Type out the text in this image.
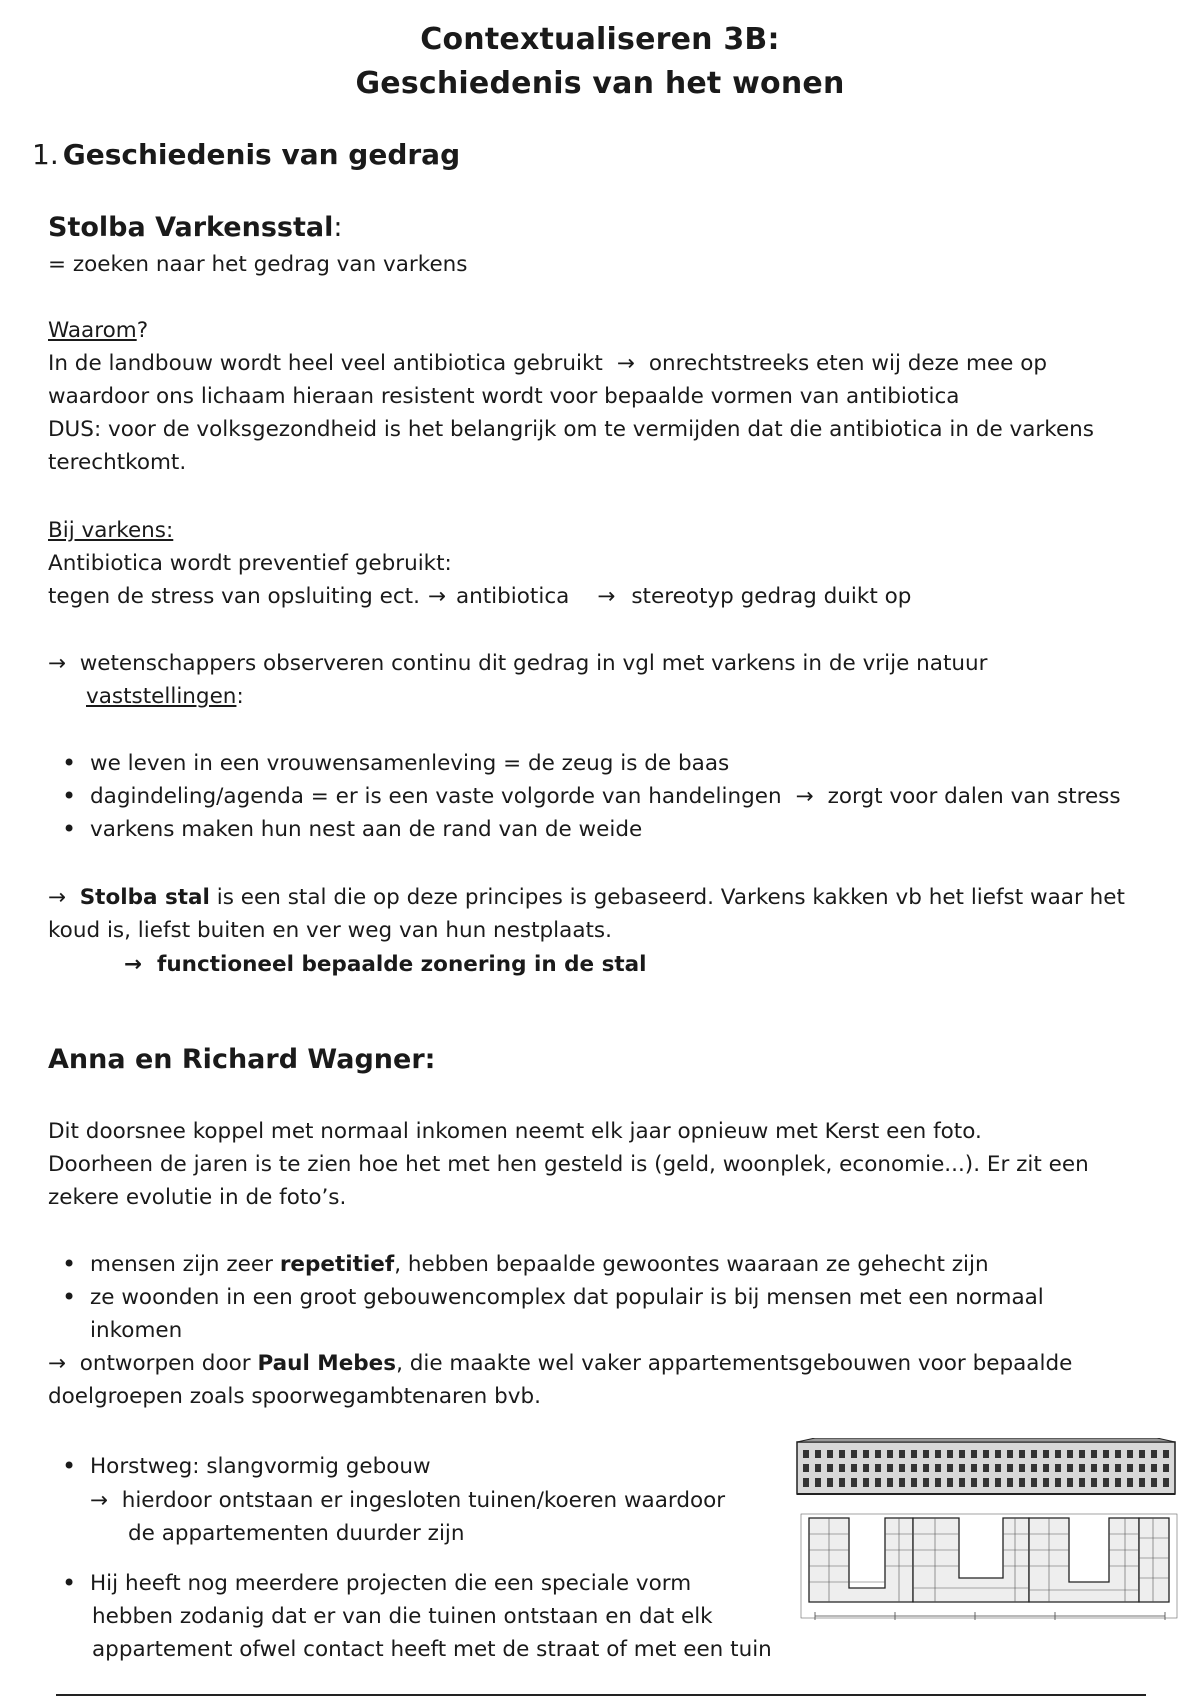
Contextualiseren 3B:
Geschiedenis van het wonen
1. Geschiedenis van gedrag
Stolba Varkensstal:
= zoeken naar het gedrag van varkens
Waarom?
In de landbouw wordt heel veel antibiotica gebruikt → onrechtstreeks eten wij deze mee op
waardoor ons lichaam hieraan resistent wordt voor bepaalde vormen van antibiotica
DUS: voor de volksgezondheid is het belangrijk om te vermijden dat die antibiotica in de varkens
terechtkomt.
Bij varkens:
Antibiotica wordt preventief gebruikt:
tegen de stress van opsluiting ect. → antibiotica → stereotyp gedrag duikt op
→ wetenschappers observeren continu dit gedrag in vgl met varkens in de vrije natuur
vaststellingen:
• we leven in een vrouwensamenleving = de zeug is de baas
• dagindeling/agenda = er is een vaste volgorde van handelingen → zorgt voor dalen van stress
• varkens maken hun nest aan de rand van de weide
→ Stolba stal is een stal die op deze principes is gebaseerd. Varkens kakken vb het liefst waar het
koud is, liefst buiten en ver weg van hun nestplaats.
→ functioneel bepaalde zonering in de stal
Anna en Richard Wagner:
Dit doorsnee koppel met normaal inkomen neemt elk jaar opnieuw met Kerst een foto.
Doorheen de jaren is te zien hoe het met hen gesteld is (geld, woonplek, economie...). Er zit een
zekere evolutie in de foto’s.
• mensen zijn zeer repetitief, hebben bepaalde gewoontes waaraan ze gehecht zijn
• ze woonden in een groot gebouwencomplex dat populair is bij mensen met een normaal
inkomen
→ ontworpen door Paul Mebes, die maakte wel vaker appartementsgebouwen voor bepaalde
doelgroepen zoals spoorwegambtenaren bvb.
• Horstweg: slangvormig gebouw
→ hierdoor ontstaan er ingesloten tuinen/koeren waardoor
de appartementen duurder zijn
• Hij heeft nog meerdere projecten die een speciale vorm
hebben zodanig dat er van die tuinen ontstaan en dat elk
appartement ofwel contact heeft met de straat of met een tuin
